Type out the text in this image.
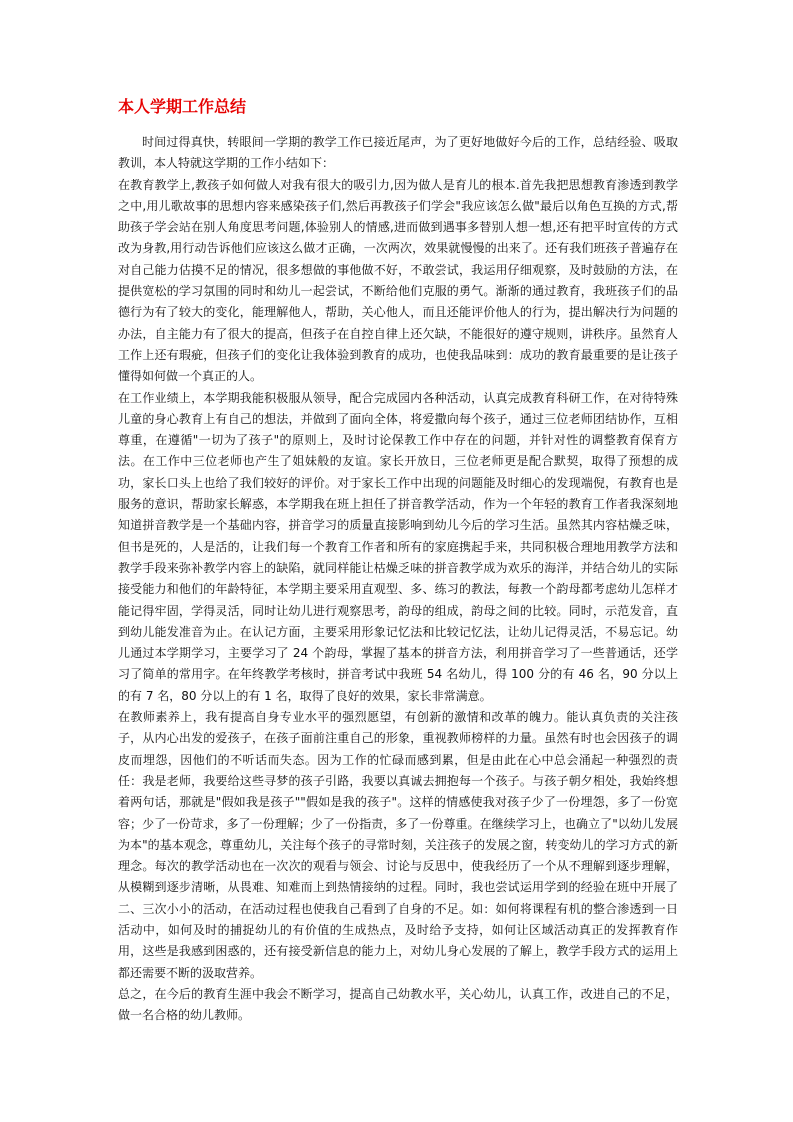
本人学期工作总结

时间过得真快，转眼间一学期的教学工作已接近尾声，为了更好地做好今后的工作，总结经验、吸取教训，本人特就这学期的工作小结如下：

在教育教学上,教孩子如何做人对我有很大的吸引力,因为做人是育儿的根本.首先我把思想教育渗透到教学之中,用儿歌故事的思想内容来感染孩子们,然后再教孩子们学会"我应该怎么做"最后以角色互换的方式,帮助孩子学会站在别人角度思考问题,体验别人的情感,进而做到遇事多替别人想一想,还有把平时宣传的方式改为身教,用行动告诉他们应该这么做才正确，一次两次，效果就慢慢的出来了。还有我们班孩子普遍存在对自己能力估摸不足的情况，很多想做的事他做不好，不敢尝试，我运用仔细观察，及时鼓励的方法，在提供宽松的学习氛围的同时和幼儿一起尝试，不断给他们克服的勇气。渐渐的通过教育，我班孩子们的品德行为有了较大的变化，能理解他人，帮助，关心他人，而且还能评价他人的行为，提出解决行为问题的办法，自主能力有了很大的提高，但孩子在自控自律上还欠缺，不能很好的遵守规则，讲秩序。虽然育人工作上还有瑕疵，但孩子们的变化让我体验到教育的成功，也使我品味到：成功的教育最重要的是让孩子懂得如何做一个真正的人。

在工作业绩上，本学期我能积极服从领导，配合完成园内各种活动，认真完成教育科研工作，在对待特殊儿童的身心教育上有自己的想法，并做到了面向全体，将爱撒向每个孩子，通过三位老师团结协作，互相尊重，在遵循"一切为了孩子"的原则上，及时讨论保教工作中存在的问题，并针对性的调整教育保育方法。在工作中三位老师也产生了姐妹般的友谊。家长开放日，三位老师更是配合默契，取得了预想的成功，家长口头上也给了我们较好的评价。对于家长工作中出现的问题能及时细心的发现端倪，有教育也是服务的意识，帮助家长解惑，本学期我在班上担任了拼音教学活动，作为一个年轻的教育工作者我深刻地知道拼音教学是一个基础内容，拼音学习的质量直接影响到幼儿今后的学习生活。虽然其内容枯燥乏味，但书是死的，人是活的，让我们每一个教育工作者和所有的家庭携起手来，共同积极合理地用教学方法和教学手段来弥补教学内容上的缺陷，就同样能让枯燥乏味的拼音教学成为欢乐的海洋，并结合幼儿的实际接受能力和他们的年龄特征，本学期主要采用直观型、多、练习的教法，每教一个韵母都考虑幼儿怎样才能记得牢固，学得灵活，同时让幼儿进行观察思考，韵母的组成，韵母之间的比较。同时，示范发音，直到幼儿能发准音为止。在认记方面，主要采用形象记忆法和比较记忆法，让幼儿记得灵活，不易忘记。幼儿通过本学期学习，主要学习了 24 个韵母，掌握了基本的拼音方法，利用拼音学习了一些普通话，还学习了简单的常用字。在年终教学考核时，拼音考试中我班 54 名幼儿，得 100 分的有 46 名，90 分以上的有 7 名，80 分以上的有 1 名，取得了良好的效果，家长非常满意。

在教师素养上，我有提高自身专业水平的强烈愿望，有创新的激情和改革的魄力。能认真负责的关注孩子，从内心出发的爱孩子，在孩子面前注重自己的形象，重视教师榜样的力量。虽然有时也会因孩子的调皮而埋怨，因他们的不听话而失态。因为工作的忙碌而感到累，但是由此在心中总会涌起一种强烈的责任：我是老师，我要给这些寻梦的孩子引路，我要以真诚去拥抱每一个孩子。与孩子朝夕相处，我始终想着两句话，那就是"假如我是孩子""假如是我的孩子"。这样的情感使我对孩子少了一份埋怨，多了一份宽容；少了一份苛求，多了一份理解；少了一份指责，多了一份尊重。在继续学习上，也确立了"以幼儿发展为本"的基本观念，尊重幼儿，关注每个孩子的寻常时刻，关注孩子的发展之窗，转变幼儿的学习方式的新理念。每次的教学活动也在一次次的观看与领会、讨论与反思中，使我经历了一个从不理解到逐步理解，从模糊到逐步清晰，从畏难、知难而上到热情接纳的过程。同时，我也尝试运用学到的经验在班中开展了二、三次小小的活动，在活动过程也使我自己看到了自身的不足。如：如何将课程有机的整合渗透到一日活动中，如何及时的捕捉幼儿的有价值的生成热点，及时给予支持，如何让区域活动真正的发挥教育作用，这些是我感到困惑的，还有接受新信息的能力上，对幼儿身心发展的了解上，教学手段方式的运用上都还需要不断的汲取营养。

总之，在今后的教育生涯中我会不断学习，提高自己幼教水平，关心幼儿，认真工作，改进自己的不足，做一名合格的幼儿教师。
